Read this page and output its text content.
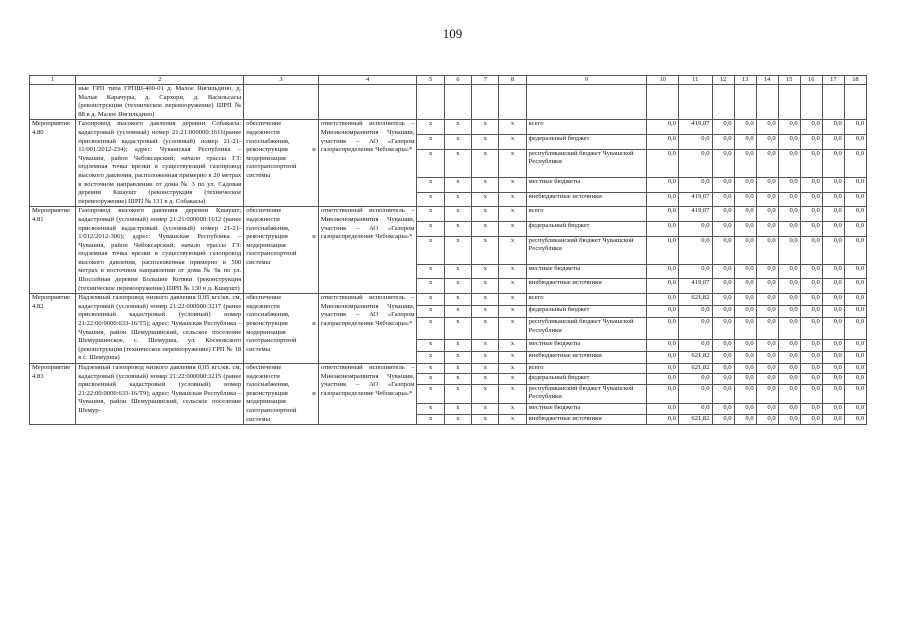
109
1	2	3	4	5	6	7	8	9	10	11	12	13	14	15	16	17	18
	ные ГРП типа ГРПШ-400-01 д. Малое Янгильдино, д. Малые Карачуры, д. Сархори, д. Васильсасы (реконструкция (техническое перевооружение) ШРП № 88 в д. Малое Янгильдино)																
Мероприятие 4.80	Газопровод высокого давления деревни Собакасы: кадастровый (условный) номер 21:21:000000:1611(ранее присвоенный кадастровый (условный) номер 21-21-11/001/2012-234); адрес: Чувашская Республика – Чувашия, район Чебоксарский; начало трассы ГЗ: подземная точка врезки в существующий газопровод высокого давления, расположенная примерно в 20 метрах в восточном направлении от дома № 3 по ул. Садовая деревни Кшаушт (реконструкция (техническое перевооружение) ШРП № 131 в д. Собакасы)	обеспечение надежности газоснабжения, реконструкция и модернизация газотранспортной системы	ответственный исполнитель – Минэкономразвития Чувашии, участник – АО «Газпром газораспределение Чебоксары»*	x	x	x	x	всего	0,0	419,07	0,0	0,0	0,0	0,0	0,0	0,0	0,0
				x	x	x	x	федеральный бюджет	0,0	0,0	0,0	0,0	0,0	0,0	0,0	0,0	0,0
				x	x	x	x	республиканский бюджет Чувашской Республики	0,0	0,0	0,0	0,0	0,0	0,0	0,0	0,0	0,0
				x	x	x	x	местные бюджеты	0,0	0,0	0,0	0,0	0,0	0,0	0,0	0,0	0,0
				x	x	x	x	внебюджетные источники	0,0	419,07	0,0	0,0	0,0	0,0	0,0	0,0	0,0
Мероприятие 4.81	Газопровод высокого давления деревни Кшаушт; кадастровый (условный) номер 21:21:000000:1612 (ранее присвоенный кадастровый (условный) номер 21-21-1/012/2012-306); адрес: Чувашская Республика – Чувашия, район Чебоксарский; начало трассы ГЗ: подземная точка врезки в существующий газопровод высокого давления, расположенная примерно в 500 метрах в восточном направлении от дома № 9а по ул. Шоссейная деревни Большие Котяки (реконструкция (техническое перевооружение) ШРП № 130 в д. Кшаушт)	обеспечение надежности газоснабжения, реконструкция и модернизация газотранспортной системы	ответственный исполнитель – Минэкономразвития Чувашии, участник – АО «Газпром газораспределение Чебоксары»*	x	x	x	x	всего	0,0	419,07	0,0	0,0	0,0	0,0	0,0	0,0	0,0
				x	x	x	x	федеральный бюджет	0,0	0,0	0,0	0,0	0,0	0,0	0,0	0,0	0,0
				x	x	x	x	республиканский бюджет Чувашской Республики	0,0	0,0	0,0	0,0	0,0	0,0	0,0	0,0	0,0
				x	x	x	x	местные бюджеты	0,0	0,0	0,0	0,0	0,0	0,0	0,0	0,0	0,0
				x	x	x	x	внебюджетные источники	0,0	419,07	0,0	0,0	0,0	0,0	0,0	0,0	0,0
Мероприятие 4.82	Надземный газопровод низкого давления 0,05 кгс/кв. см, кадастровый (условный) номер 21:22:000000:3217 (ранее присвоенный кадастровый (условный) номер 21:22:00:0000:633-16/Т5); адрес: Чувашская Республика – Чувашия, район Шемуршинский, сельское поселение Шемуршинское, с. Шемурша, ул. Космовского (реконструкция (техническое перевооружение) ГРП № 18 в с. Шемурша)	обеспечение надежности газоснабжения, реконструкция и модернизация газотранспортной системы	ответственный исполнитель – Минэкономразвития Чувашии, участник – АО «Газпром газораспределение Чебоксары»*	x	x	x	x	всего	0,0	621,82	0,0	0,0	0,0	0,0	0,0	0,0	0,0
				x	x	x	x	федеральный бюджет	0,0	0,0	0,0	0,0	0,0	0,0	0,0	0,0	0,0
				x	x	x	x	республиканский бюджет Чувашской Республики	0,0	0,0	0,0	0,0	0,0	0,0	0,0	0,0	0,0
				x	x	x	x	местные бюджеты	0,0	0,0	0,0	0,0	0,0	0,0	0,0	0,0	0,0
				x	x	x	x	внебюджетные источники	0,0	621,82	0,0	0,0	0,0	0,0	0,0	0,0	0,0
Мероприятие 4.83	Надземный газопровод низкого давления 0,05 кгс/кв. см, кадастровый (условный) номер 21:22:000000:3215 (ранее присвоенный кадастровый (условный) номер 21:22:00:0000:633-16/Т9); адрес: Чувашская Республика – Чувашия, район Шемуршинский, сельское поселение Шемур-	обеспечение надежности газоснабжения, реконструкция и модернизация газотранспортной системы	ответственный исполнитель – Минэкономразвития Чувашии, участник – АО «Газпром газораспределение Чебоксары»*	x	x	x	x	всего	0,0	621,82	0,0	0,0	0,0	0,0	0,0	0,0	0,0
				x	x	x	x	федеральный бюджет	0,0	0,0	0,0	0,0	0,0	0,0	0,0	0,0	0,0
				x	x	x	x	республиканский бюджет Чувашской Республики	0,0	0,0	0,0	0,0	0,0	0,0	0,0	0,0	0,0
				x	x	x	x	местные бюджеты	0,0	0,0	0,0	0,0	0,0	0,0	0,0	0,0	0,0
				x	x	x	x	внебюджетные источники	0,0	621,82	0,0	0,0	0,0	0,0	0,0	0,0	0,0
